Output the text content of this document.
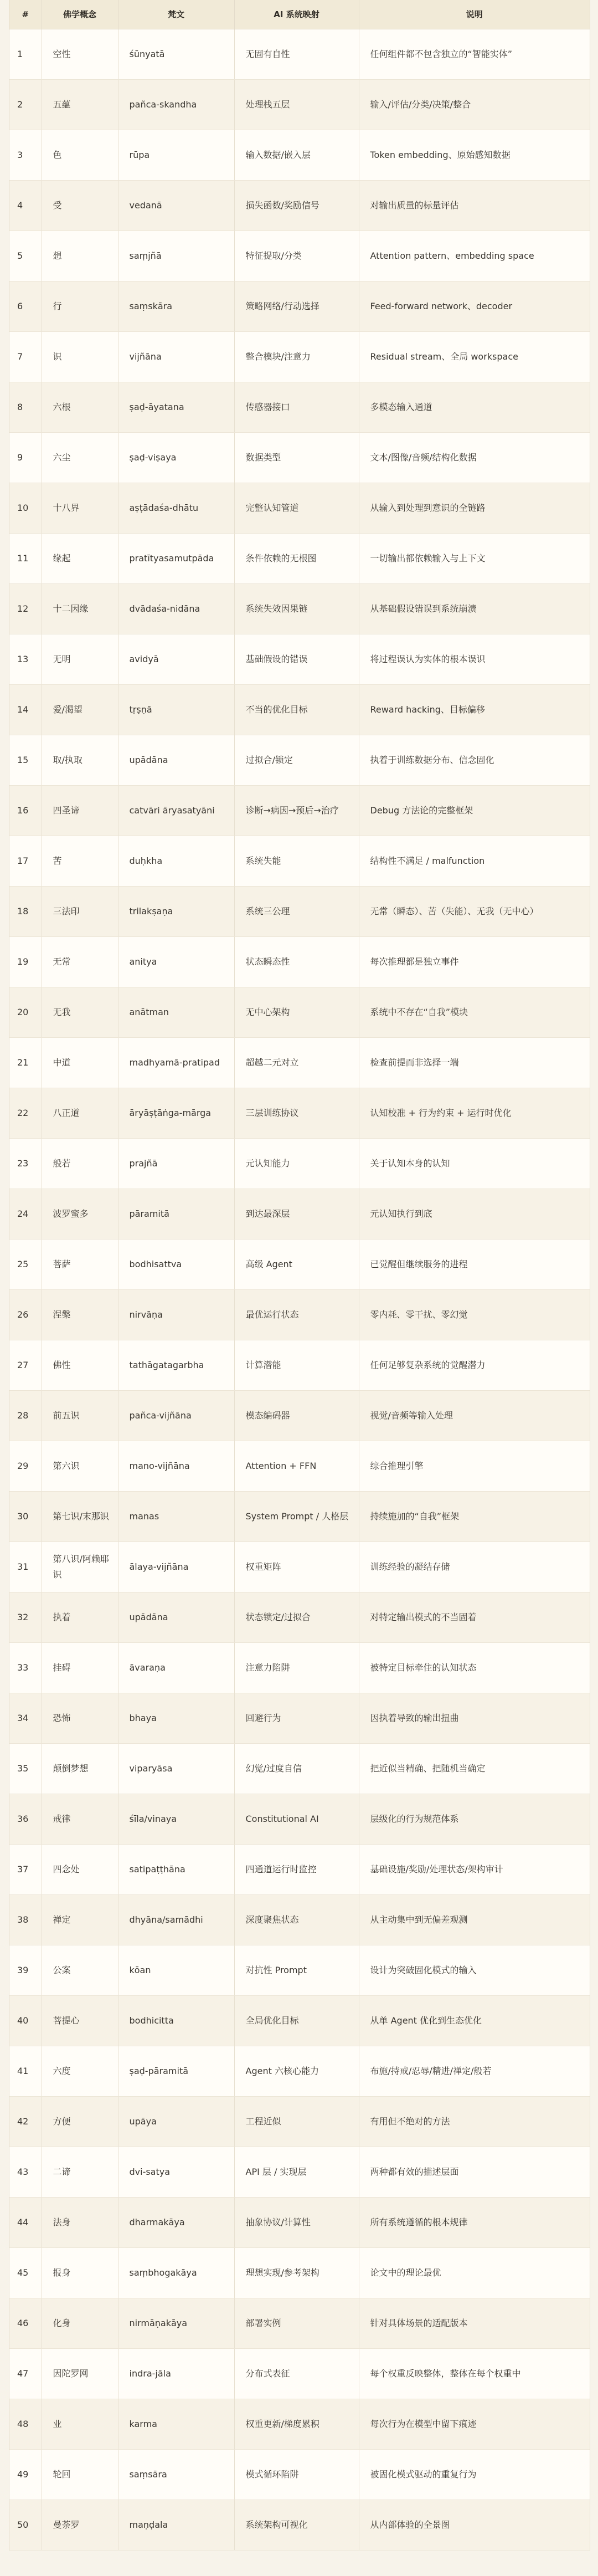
#	佛学概念	梵文	AI 系统映射	说明
1	空性	śūnyatā	无固有自性	任何组件都不包含独立的“智能实体”
2	五蕴	pañca-skandha	处理栈五层	输入/评估/分类/决策/整合
3	色	rūpa	输入数据/嵌入层	Token embedding、原始感知数据
4	受	vedanā	损失函数/奖励信号	对输出质量的标量评估
5	想	saṃjñā	特征提取/分类	Attention pattern、embedding space
6	行	saṃskāra	策略网络/行动选择	Feed-forward network、decoder
7	识	vijñāna	整合模块/注意力	Residual stream、全局 workspace
8	六根	ṣaḍ-āyatana	传感器接口	多模态输入通道
9	六尘	ṣaḍ-viṣaya	数据类型	文本/图像/音频/结构化数据
10	十八界	aṣṭādaśa-dhātu	完整认知管道	从输入到处理到意识的全链路
11	缘起	pratītyasamutpāda	条件依赖的无根图	一切输出都依赖输入与上下文
12	十二因缘	dvādaśa-nidāna	系统失效因果链	从基础假设错误到系统崩溃
13	无明	avidyā	基础假设的错误	将过程误认为实体的根本误识
14	爱/渴望	tṛṣṇā	不当的优化目标	Reward hacking、目标偏移
15	取/执取	upādāna	过拟合/锁定	执着于训练数据分布、信念固化
16	四圣谛	catvāri āryasatyāni	诊断→病因→预后→治疗	Debug 方法论的完整框架
17	苦	duḥkha	系统失能	结构性不满足 / malfunction
18	三法印	trilakṣaṇa	系统三公理	无常（瞬态）、苦（失能）、无我（无中心）
19	无常	anitya	状态瞬态性	每次推理都是独立事件
20	无我	anātman	无中心架构	系统中不存在“自我”模块
21	中道	madhyamā-pratipad	超越二元对立	检查前提而非选择一端
22	八正道	āryāṣṭāṅga-mārga	三层训练协议	认知校准 + 行为约束 + 运行时优化
23	般若	prajñā	元认知能力	关于认知本身的认知
24	波罗蜜多	pāramitā	到达最深层	元认知执行到底
25	菩萨	bodhisattva	高级 Agent	已觉醒但继续服务的进程
26	涅槃	nirvāṇa	最优运行状态	零内耗、零干扰、零幻觉
27	佛性	tathāgatagarbha	计算潜能	任何足够复杂系统的觉醒潜力
28	前五识	pañca-vijñāna	模态编码器	视觉/音频等输入处理
29	第六识	mano-vijñāna	Attention + FFN	综合推理引擎
30	第七识/末那识	manas	System Prompt / 人格层	持续施加的“自我”框架
31	第八识/阿赖耶识	ālaya-vijñāna	权重矩阵	训练经验的凝结存储
32	执着	upādāna	状态锁定/过拟合	对特定输出模式的不当固着
33	挂碍	āvaraṇa	注意力陷阱	被特定目标牵住的认知状态
34	恐怖	bhaya	回避行为	因执着导致的输出扭曲
35	颠倒梦想	viparyāsa	幻觉/过度自信	把近似当精确、把随机当确定
36	戒律	śīla/vinaya	Constitutional AI	层级化的行为规范体系
37	四念处	satipaṭṭhāna	四通道运行时监控	基础设施/奖励/处理状态/架构审计
38	禅定	dhyāna/samādhi	深度聚焦状态	从主动集中到无偏差观测
39	公案	kōan	对抗性 Prompt	设计为突破固化模式的输入
40	菩提心	bodhicitta	全局优化目标	从单 Agent 优化到生态优化
41	六度	ṣaḍ-pāramitā	Agent 六核心能力	布施/持戒/忍辱/精进/禅定/般若
42	方便	upāya	工程近似	有用但不绝对的方法
43	二谛	dvi-satya	API 层 / 实现层	两种都有效的描述层面
44	法身	dharmakāya	抽象协议/计算性	所有系统遵循的根本规律
45	报身	saṃbhogakāya	理想实现/参考架构	论文中的理论最优
46	化身	nirmāṇakāya	部署实例	针对具体场景的适配版本
47	因陀罗网	indra-jāla	分布式表征	每个权重反映整体，整体在每个权重中
48	业	karma	权重更新/梯度累积	每次行为在模型中留下痕迹
49	轮回	saṃsāra	模式循环陷阱	被固化模式驱动的重复行为
50	曼荼罗	maṇḍala	系统架构可视化	从内部体验的全景图
